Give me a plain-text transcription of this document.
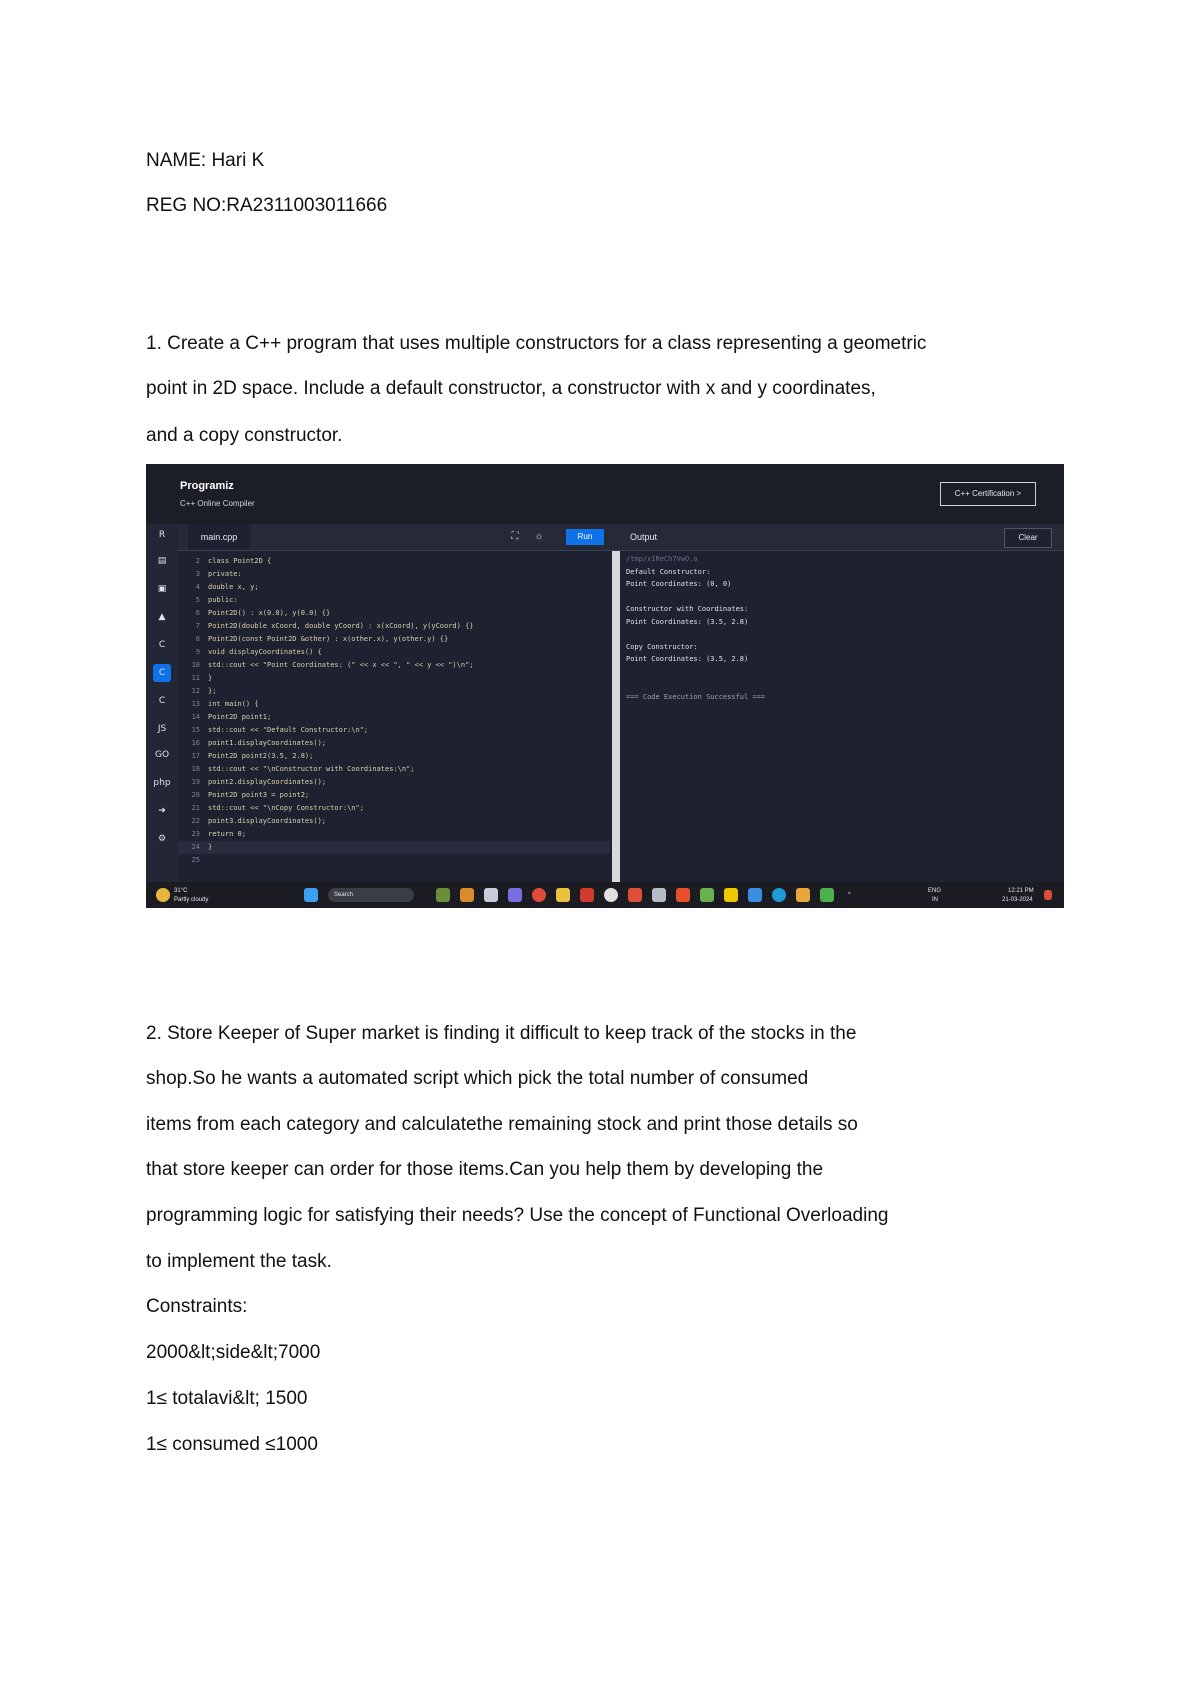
NAME: Hari K
REG NO:RA2311003011666
1. Create a C++ program that uses multiple constructors for a class representing a geometric
point in 2D space. Include a default constructor, a constructor with x and y coordinates,
and a copy constructor.
Programiz
C++ Online Compiler
C++ Certification >
R
▤
▣
▲
C
C
C
JS
GO
php
➜
⚙
main.cpp	⛶	☼	Run	Output	Clear
2 class Point2D {
3 private:
4 double x, y;
5 public:
6 Point2D() : x(0.0), y(0.0) {}
7 Point2D(double xCoord, double yCoord) : x(xCoord), y(yCoord) {}
8 Point2D(const Point2D &other) : x(other.x), y(other.y) {}
9 void displayCoordinates() {
10 std::cout << "Point Coordinates: (" << x << ", " << y << ")\n";
11 }
12 };
13 int main() {
14 Point2D point1;
15 std::cout << "Default Constructor:\n";
16 point1.displayCoordinates();
17 Point2D point2(3.5, 2.8);
18 std::cout << "\nConstructor with Coordinates:\n";
19 point2.displayCoordinates();
20 Point2D point3 = point2;
21 std::cout << "\nCopy Constructor:\n";
22 point3.displayCoordinates();
23 return 0;
24 }
25
/tmp/x1ReCh7VwO.o
Default Constructor:
Point Coordinates: (0, 0)
Constructor with Coordinates:
Point Coordinates: (3.5, 2.8)
Copy Constructor:
Point Coordinates: (3.5, 2.8)
=== Code Execution Successful ===
31°C
Partly cloudy
Search	^
ENG
IN
12:21 PM
21-03-2024
2. Store Keeper of Super market is finding it difficult to keep track of the stocks in the
shop.So he wants a automated script which pick the total number of consumed
items from each category and calculatethe remaining stock and print those details so
that store keeper can order for those items.Can you help them by developing the
programming logic for satisfying their needs? Use the concept of Functional Overloading
to implement the task.
Constraints:
2000&lt;side&lt;7000
1≤ totalavi&lt; 1500
1≤ consumed ≤1000
